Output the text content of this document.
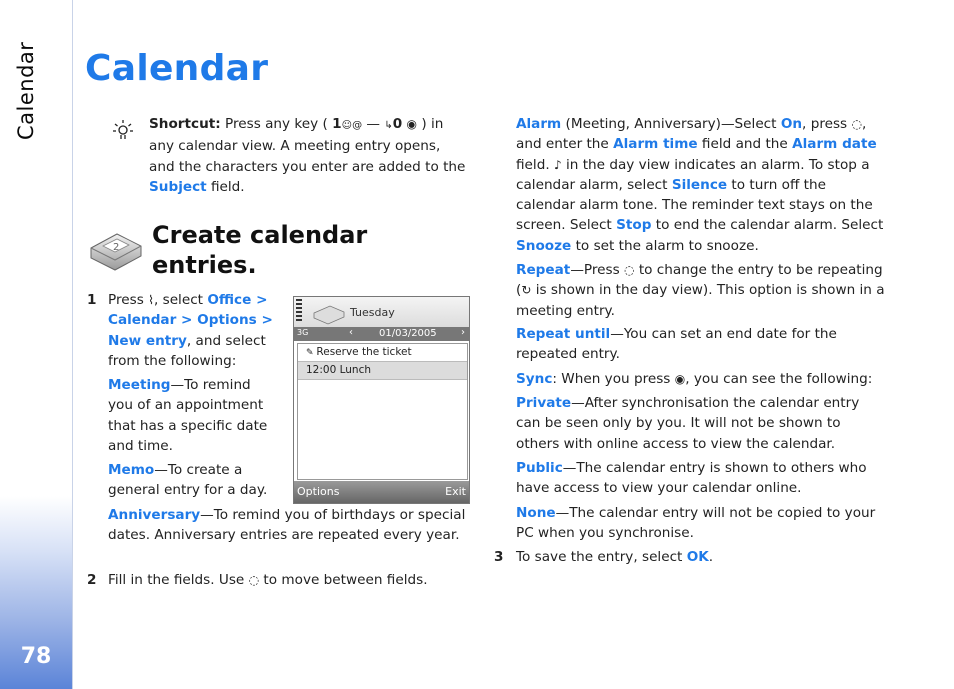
Calendar
78
Calendar
Shortcut: Press any key ( 1☺@ — ↳0 ◉ ) in any calendar view. A meeting entry opens, and the characters you enter are added to the Subject field.
2 Create calendar
entries.
1 Press ⌇, select Office > Calendar > Options > New entry, and select from the following:
Meeting—To remind you of an appointment that has a specific date and time.
Memo—To create a general entry for a day.
Anniversary—To remind you of birthdays or special dates. Anniversary entries are repeated every year.
2 Fill in the fields. Use ◌ to move between fields.
Tuesday
3G	‹	01/03/2005 ›
✎ Reserve the ticket
12:00 Lunch
Options	Exit
Alarm (Meeting, Anniversary)—Select On, press ◌, and enter the Alarm time field and the Alarm date field. ♪ in the day view indicates an alarm. To stop a calendar alarm, select Silence to turn off the calendar alarm tone. The reminder text stays on the screen. Select Stop to end the calendar alarm. Select Snooze to set the alarm to snooze.
Repeat—Press ◌ to change the entry to be repeating (↻ is shown in the day view). This option is shown in a meeting entry.
Repeat until—You can set an end date for the repeated entry.
Sync: When you press ◉, you can see the following:
Private—After synchronisation the calendar entry can be seen only by you. It will not be shown to others with online access to view the calendar.
Public—The calendar entry is shown to others who have access to view your calendar online.
None—The calendar entry will not be copied to your PC when you synchronise.
3 To save the entry, select OK.
